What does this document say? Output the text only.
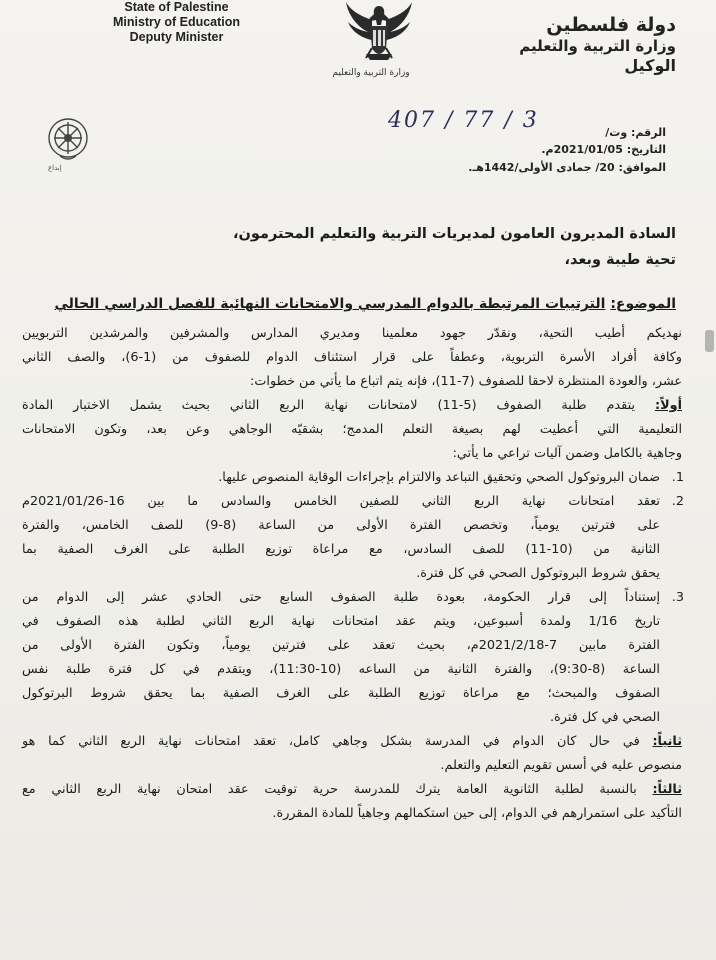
State of Palestine
Ministry of Education
Deputy Minister
وزارة التربية والتعليم
دولة فلسطين
وزارة التربية والتعليم
الوكيل
إبداع
407 / 77 / 3	الرقم: وت/
التاريخ: 2021/01/05م.
الموافق: 20/ جمادى الأولى/1442هـ.
السادة المديرون العامون لمديريات التربية والتعليم المحترمون،
تحية طيبة وبعد،
الموضوع: الترتيبات المرتبطة بالدوام المدرسي والامتحانات النهائية للفصل الدراسي الحالي
نهديكم أطيب التحية، ونقدّر جهود معلمينا ومديري المدارس والمشرفين والمرشدين التربويين
وكافة أفراد الأسرة التربوية، وعطفاً على قرار استئناف الدوام للصفوف من (1-6)، والصف الثاني
عشر، والعودة المنتظرة لاحقا للصفوف (7-11)، فإنه يتم اتباع ما يأتي من خطوات:
أولاً: يتقدم طلبة الصفوف (5-11) لامتحانات نهاية الربع الثاني بحيث يشمل الاختبار المادة
التعليمية التي أعطيت لهم بصيغة التعلم المدمج؛ بشقيّه الوجاهي وعن بعد، وتكون الامتحانات
وجاهية بالكامل وضمن آليات تراعي ما يأتي:
1.
ضمان البروتوكول الصحي وتحقيق التباعد والالتزام بإجراءات الوقاية المنصوص عليها.
2.
تعقد امتحانات نهاية الربع الثاني للصفين الخامس والسادس ما بين 16-2021/01/26م
على فترتين يومياً، وتخصص الفترة الأولى من الساعة (8-9) للصف الخامس، والفترة
الثانية من (10-11) للصف السادس، مع مراعاة توزيع الطلبة على الغرف الصفية بما
يحقق شروط البروتوكول الصحي في كل فترة.
3.
إستناداً إلى قرار الحكومة، بعودة طلبة الصفوف السابع حتى الحادي عشر إلى الدوام من
تاريخ 1/16 ولمدة أسبوعين، ويتم عقد امتحانات نهاية الربع الثاني لطلبة هذه الصفوف في
الفترة مابين 7-2021/2/18م، بحيث تعقد على فترتين يومياً، وتكون الفترة الأولى من
الساعة (8-9:30)، والفترة الثانية من الساعه (10-11:30)، ويتقدم في كل فترة طلبة نفس
الصفوف والمبحث؛ مع مراعاة توزيع الطلبة على الغرف الصفية بما يحقق شروط البرتوكول
الصحي في كل فترة.
ثانياً: في حال كان الدوام في المدرسة بشكل وجاهي كامل، تعقد امتحانات نهاية الربع الثاني كما هو
منصوص عليه في أسس تقويم التعليم والتعلم.
ثالثاً: بالنسبة لطلبة الثانوية العامة يترك للمدرسة حرية توقيت عقد امتحان نهاية الربع الثاني مع
التأكيد على استمرارهم في الدوام، إلى حين استكمالهم وجاهياً للمادة المقررة.
